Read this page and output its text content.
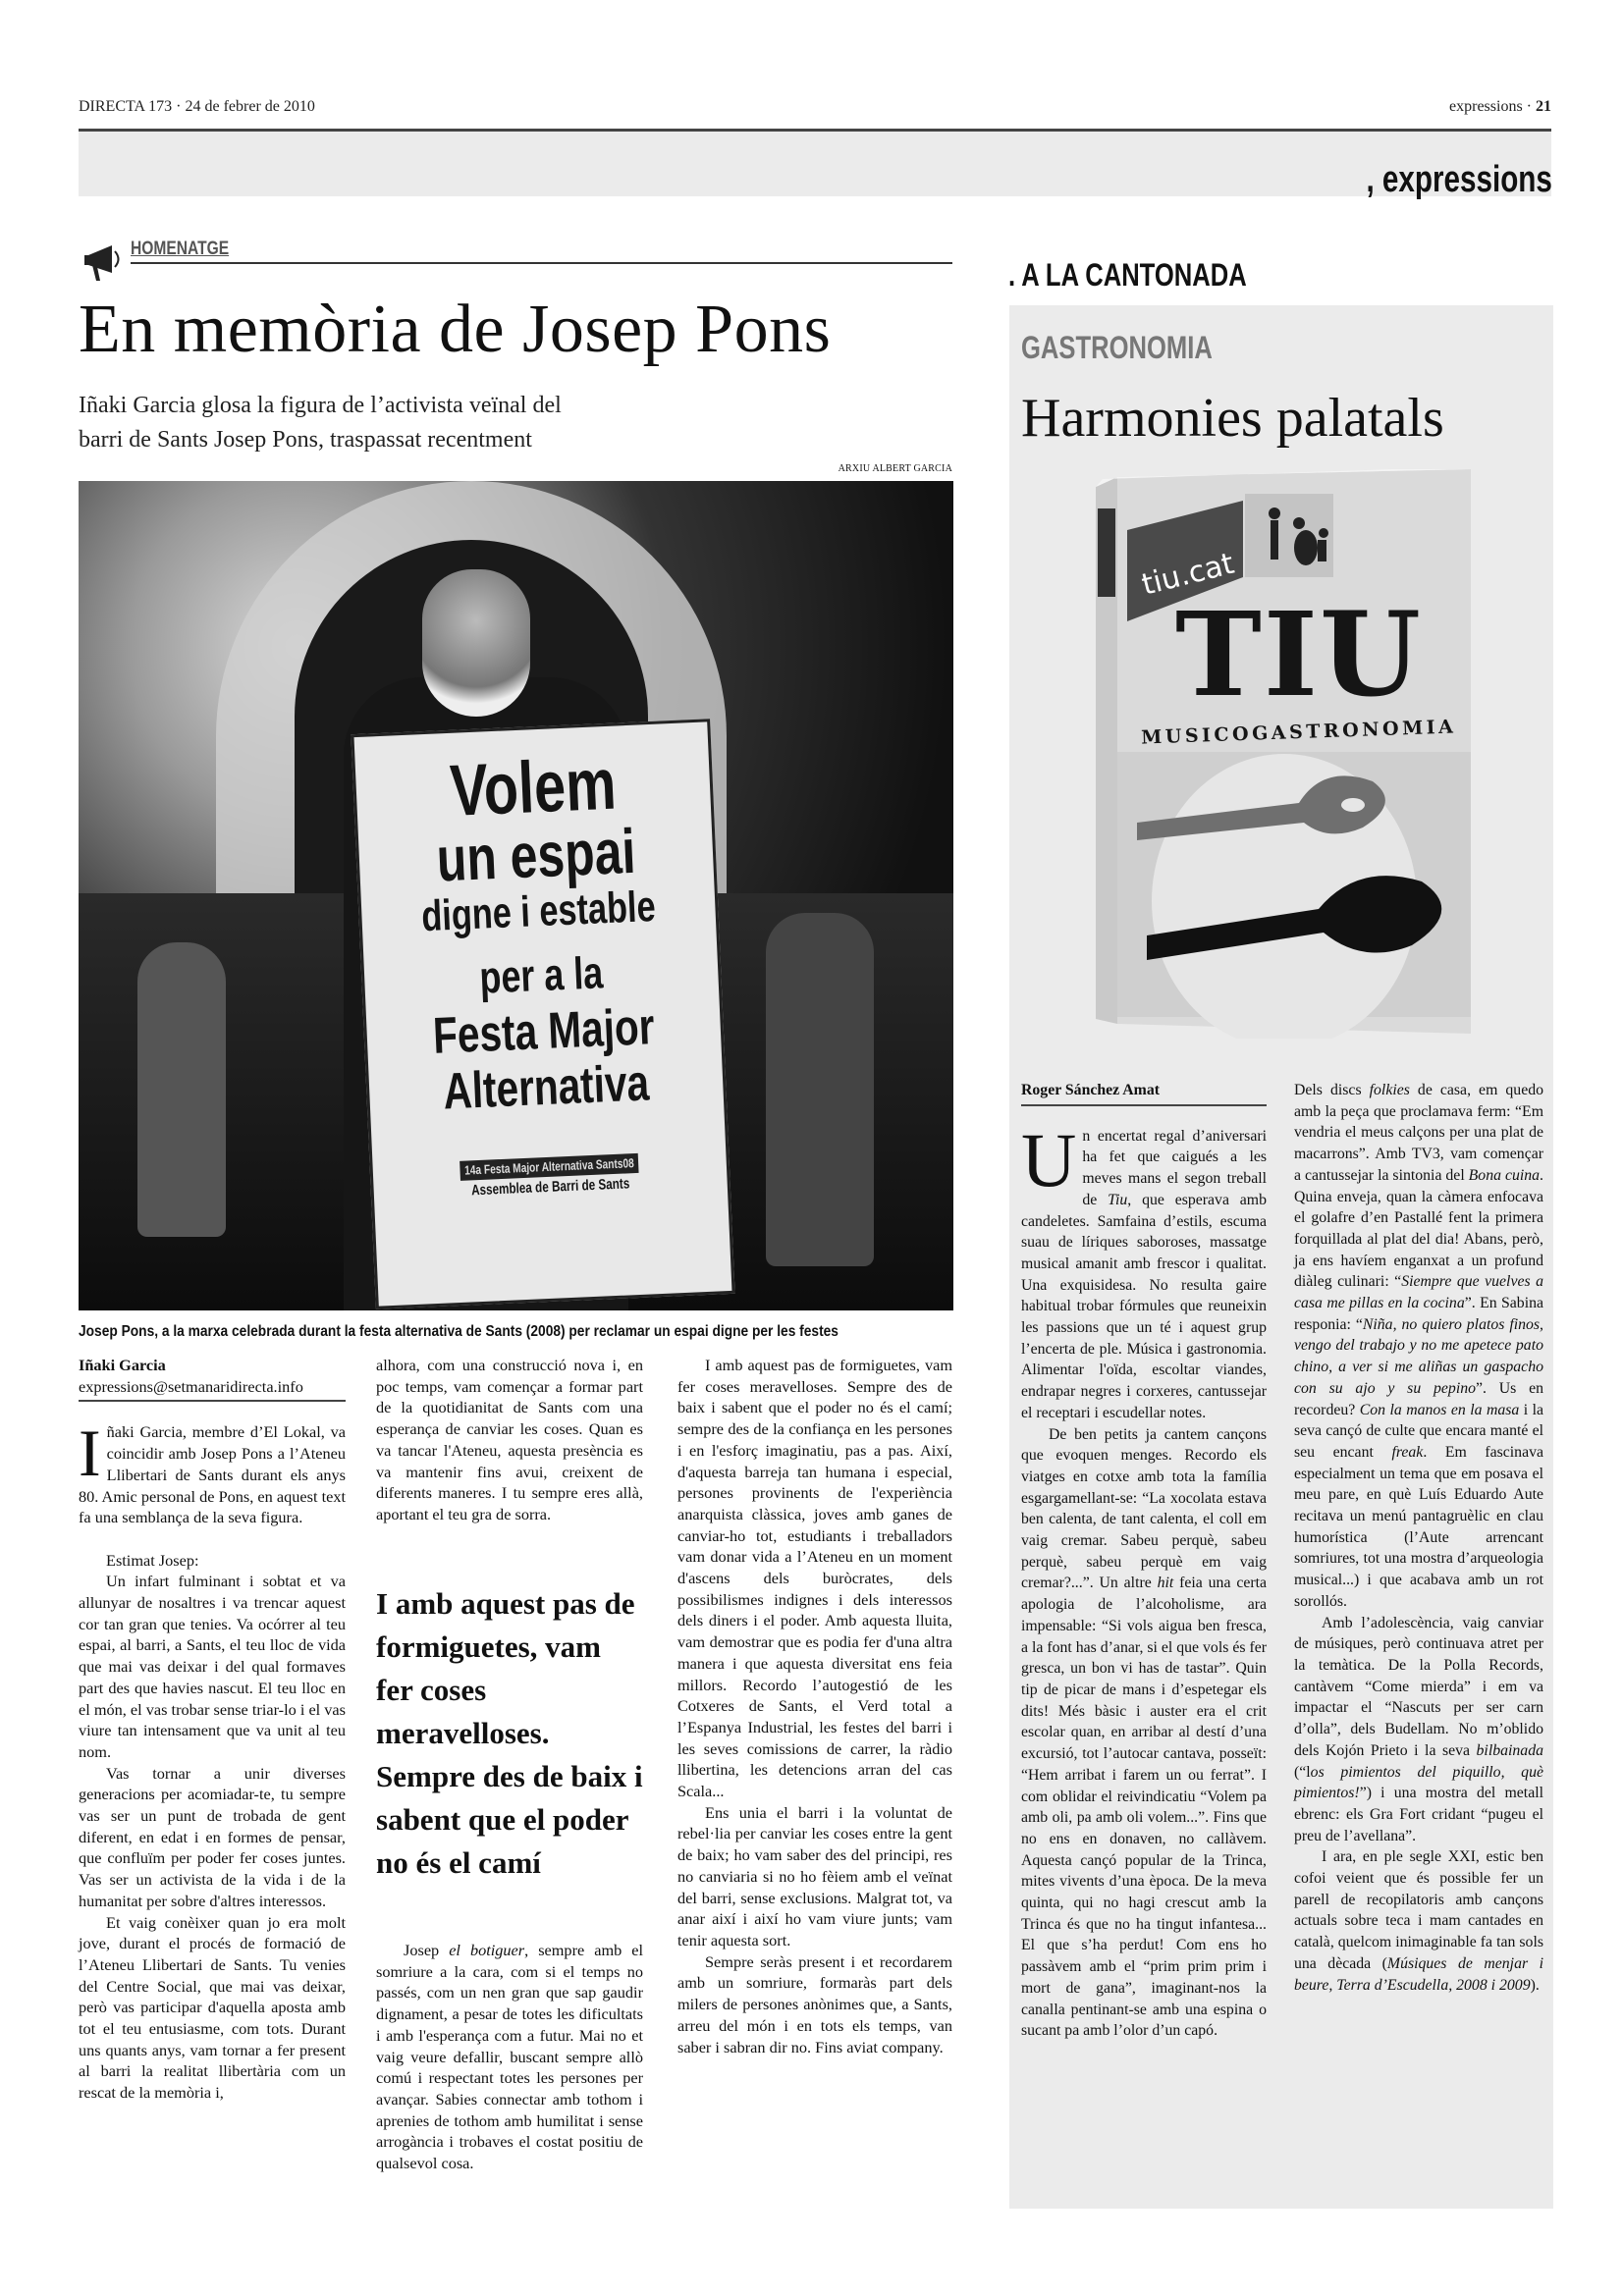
DIRECTA 173 · 24 de febrer de 2010	expressions · 21
, expressions
HOMENATGE
En memòria de Josep Pons
Iñaki Garcia glosa la figura de l’activista veïnal del
barri de Sants Josep Pons, traspassat recentment
ARXIU ALBERT GARCIA
Volem
un espai
digne i estable
per a la
Festa Major
Alternativa
14a Festa Major Alternativa Sants08
Assemblea de Barri de Sants
Josep Pons, a la marxa celebrada durant la festa alternativa de Sants (2008) per reclamar un espai digne per les festes
Iñaki Garcia
expressions@setmanaridirecta.info
I ñaki Garcia, membre d’El Lokal, va coincidir amb Josep Pons a l’Ateneu Llibertari de Sants durant els anys 80. Amic personal de Pons, en aquest text fa una semblança de la seva figura.

Estimat Josep:

Un infart fulminant i sobtat et va allunyar de nosaltres i va trencar aquest cor tan gran que tenies. Va ocórrer al teu espai, al barri, a Sants, el teu lloc de vida que mai vas deixar i del qual formaves part des que havies nascut. El teu lloc en el món, el vas trobar sense triar-lo i el vas viure tan intensament que va unit al teu nom.

Vas tornar a unir diverses generacions per acomiadar-te, tu sempre vas ser un punt de trobada de gent diferent, en edat i en formes de pensar, que confluïm per poder fer coses juntes. Vas ser un activista de la vida i de la humanitat per sobre d'altres interessos.

Et vaig conèixer quan jo era molt jove, durant el procés de formació de l’Ateneu Llibertari de Sants. Tu venies del Centre Social, que mai vas deixar, però vas participar d'aquella aposta amb tot el teu entusiasme, com tots. Durant uns quants anys, vam tornar a fer present al barri la realitat llibertària com un rescat de la memòria i,

alhora, com una construcció nova i, en poc temps, vam començar a formar part de la quotidianitat de Sants com una esperança de canviar les coses. Quan es va tancar l'Ateneu, aquesta presència es va mantenir fins avui, creixent de diferents maneres. I tu sempre eres allà, aportant el teu gra de sorra.

I amb aquest pas de formiguetes, vam fer coses meravelloses. Sempre des de baix i sabent que el poder no és el camí

Josep el botiguer, sempre amb el somriure a la cara, com si el temps no passés, com un nen gran que sap gaudir dignament, a pesar de totes les dificultats i amb l'esperança com a futur. Mai no et vaig veure defallir, buscant sempre allò comú i respectant totes les persones per avançar. Sabies connectar amb tothom i aprenies de tothom amb humilitat i sense arrogància i trobaves el costat positiu de qualsevol cosa.

I amb aquest pas de formiguetes, vam fer coses meravelloses. Sempre des de baix i sabent que el poder no és el camí; sempre des de la confiança en les persones i en l'esforç imaginatiu, pas a pas. Així, d'aquesta barreja tan humana i especial, persones provinents de l'experiència anarquista clàssica, joves amb ganes de canviar-ho tot, estudiants i treballadors vam donar vida a l’Ateneu en un moment d'ascens dels buròcrates, dels possibilismes indignes i dels interessos dels diners i el poder. Amb aquesta lluita, vam demostrar que es podia fer d'una altra manera i que aquesta diversitat ens feia millors. Recordo l’autogestió de les Cotxeres de Sants, el Verd total a l’Espanya Industrial, les festes del barri i les seves comissions de carrer, la ràdio llibertina, les detencions arran del cas Scala...

Ens unia el barri i la voluntat de rebel·lia per canviar les coses entre la gent de baix; ho vam saber des del principi, res no canviaria si no ho fèiem amb el veïnat del barri, sense exclusions. Malgrat tot, va anar així i així ho vam viure junts; vam tenir aquesta sort.

Sempre seràs present i et recordarem amb un somriure, formaràs part dels milers de persones anònimes que, a Sants, arreu del món i en tots els temps, van saber i sabran dir no. Fins aviat company.

. A LA CANTONADA
GASTRONOMIA
Harmonies palatals
tiu.cat
TIU
MUSICOGASTRONOMIA
Roger Sánchez Amat
U n encertat regal d’aniversari ha fet que caigués a les meves mans el segon treball de Tiu, que esperava amb candeletes. Samfaina d’estils, escuma suau de líriques saboroses, massatge musical amanit amb frescor i qualitat. Una exquisidesa. No resulta gaire habitual trobar fórmules que reuneixin les passions que un té i aquest grup l’encerta de ple. Música i gastronomia. Alimentar l'oïda, escoltar viandes, endrapar negres i corxeres, cantussejar el receptari i escudellar notes.

De ben petits ja cantem cançons que evoquen menges. Recordo els viatges en cotxe amb tota la família esgargamellant-se: “La xocolata estava ben calenta, de tant calenta, el coll em vaig cremar. Sabeu perquè, sabeu perquè, sabeu perquè em vaig cremar?...”. Un altre hit feia una certa apologia de l’alcoholisme, ara impensable: “Si vols aigua ben fresca, a la font has d’anar, si el que vols és fer gresca, un bon vi has de tastar”. Quin tip de picar de mans i d’espetegar els dits! Més bàsic i auster era el crit escolar quan, en arribar al destí d’una excursió, tot l’autocar cantava, posseït: “Hem arribat i farem un ou ferrat”. I com oblidar el reivindicatiu “Volem pa amb oli, pa amb oli volem...”. Fins que no ens en donaven, no callàvem. Aquesta cançó popular de la Trinca, mites vivents d’una època. De la meva quinta, qui no hagi crescut amb la Trinca és que no ha tingut infantesa... El que s’ha perdut! Com ens ho passàvem amb el “prim prim prim i mort de gana”, imaginant-nos la canalla pentinant-se amb una espina o sucant pa amb l’olor d’un capó.

Dels discs folkies de casa, em quedo amb la peça que proclamava ferm: “Em vendria el meus calçons per una plat de macarrons”. Amb TV3, vam començar a cantussejar la sintonia del Bona cuina. Quina enveja, quan la càmera enfocava el golafre d’en Pastallé fent la primera forquillada al plat del dia! Abans, però, ja ens havíem enganxat a un profund diàleg culinari: “Siempre que vuelves a casa me pillas en la cocina”. En Sabina responia: “Niña, no quiero platos finos, vengo del trabajo y no me apetece pato chino, a ver si me aliñas un gaspacho con su ajo y su pepino”. Us en recordeu? Con la manos en la masa i la seva cançó de culte que encara manté el seu encant freak. Em fascinava especialment un tema que em posava el meu pare, en què Luís Eduardo Aute recitava un menú pantagruèlic en clau humorística (l’Aute arrencant somriures, tot una mostra d’arqueologia musical...) i que acabava amb un rot sorollós.

Amb l’adolescència, vaig canviar de músiques, però continuava atret per la temàtica. De la Polla Records, cantàvem “Come mierda” i em va impactar el “Nascuts per ser carn d’olla”, dels Budellam. No m’oblido dels Kojón Prieto i la seva bilbainada (“los pimientos del piquillo, què pimientos!”) i una mostra del metall ebrenc: els Gra Fort cridant “pugeu el preu de l’avellana”.

I ara, en ple segle XXI, estic ben cofoi veient que és possible fer un parell de recopilatoris amb cançons actuals sobre teca i mam cantades en català, quelcom inimaginable fa tan sols una dècada (Músiques de menjar i beure, Terra d’Escudella, 2008 i 2009).
